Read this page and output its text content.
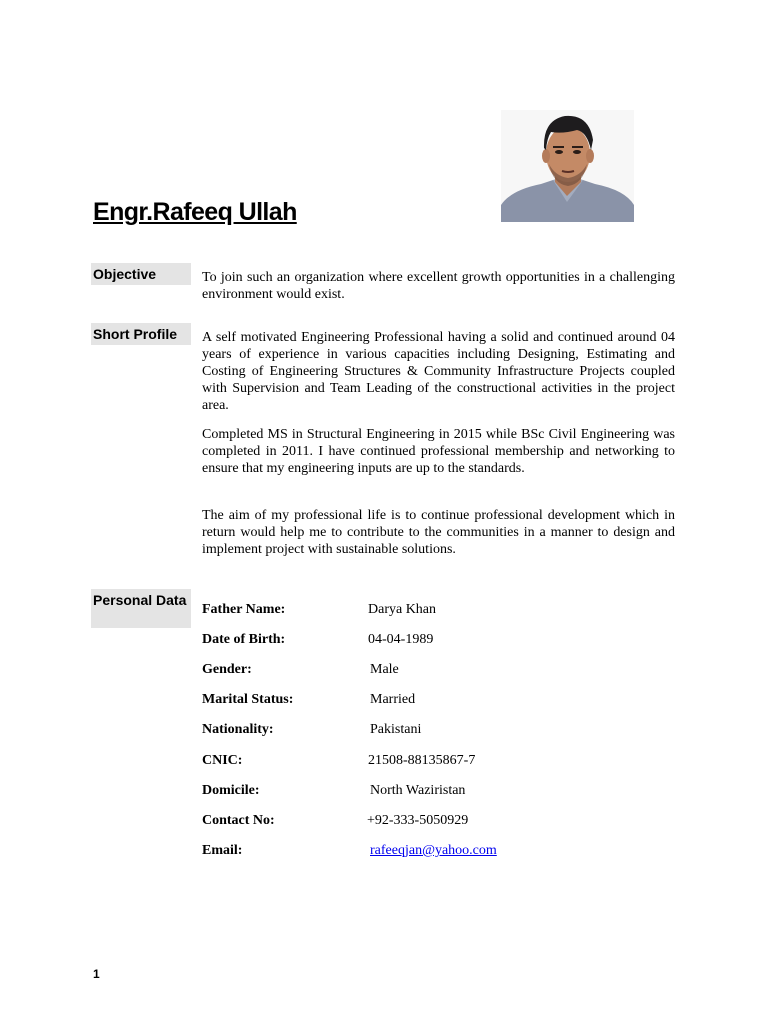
Engr.Rafeeq Ullah
Objective	To join such an organization where excellent growth opportunities in a challenging environment would exist.

Short Profile	A self motivated Engineering Professional having a solid and continued around 04 years of experience in various capacities including Designing, Estimating and Costing of Engineering Structures & Community Infrastructure Projects coupled with Supervision and Team Leading of the constructional activities in the project area.

Completed MS in Structural Engineering in 2015 while BSc Civil Engineering was completed in 2011. I have continued professional membership and networking to ensure that my engineering inputs are up to the standards.

The aim of my professional life is to continue professional development which in return would help me to contribute to the communities in a manner to design and implement project with sustainable solutions.

Personal Data
Father Name:	Darya Khan
Date of Birth:	04-04-1989
Gender:	Male
Marital Status:	Married
Nationality:	Pakistani
CNIC:	21508-88135867-7
Domicile:	North Waziristan
Contact No:	+92-333-5050929
Email:	rafeeqjan@yahoo.com
1
